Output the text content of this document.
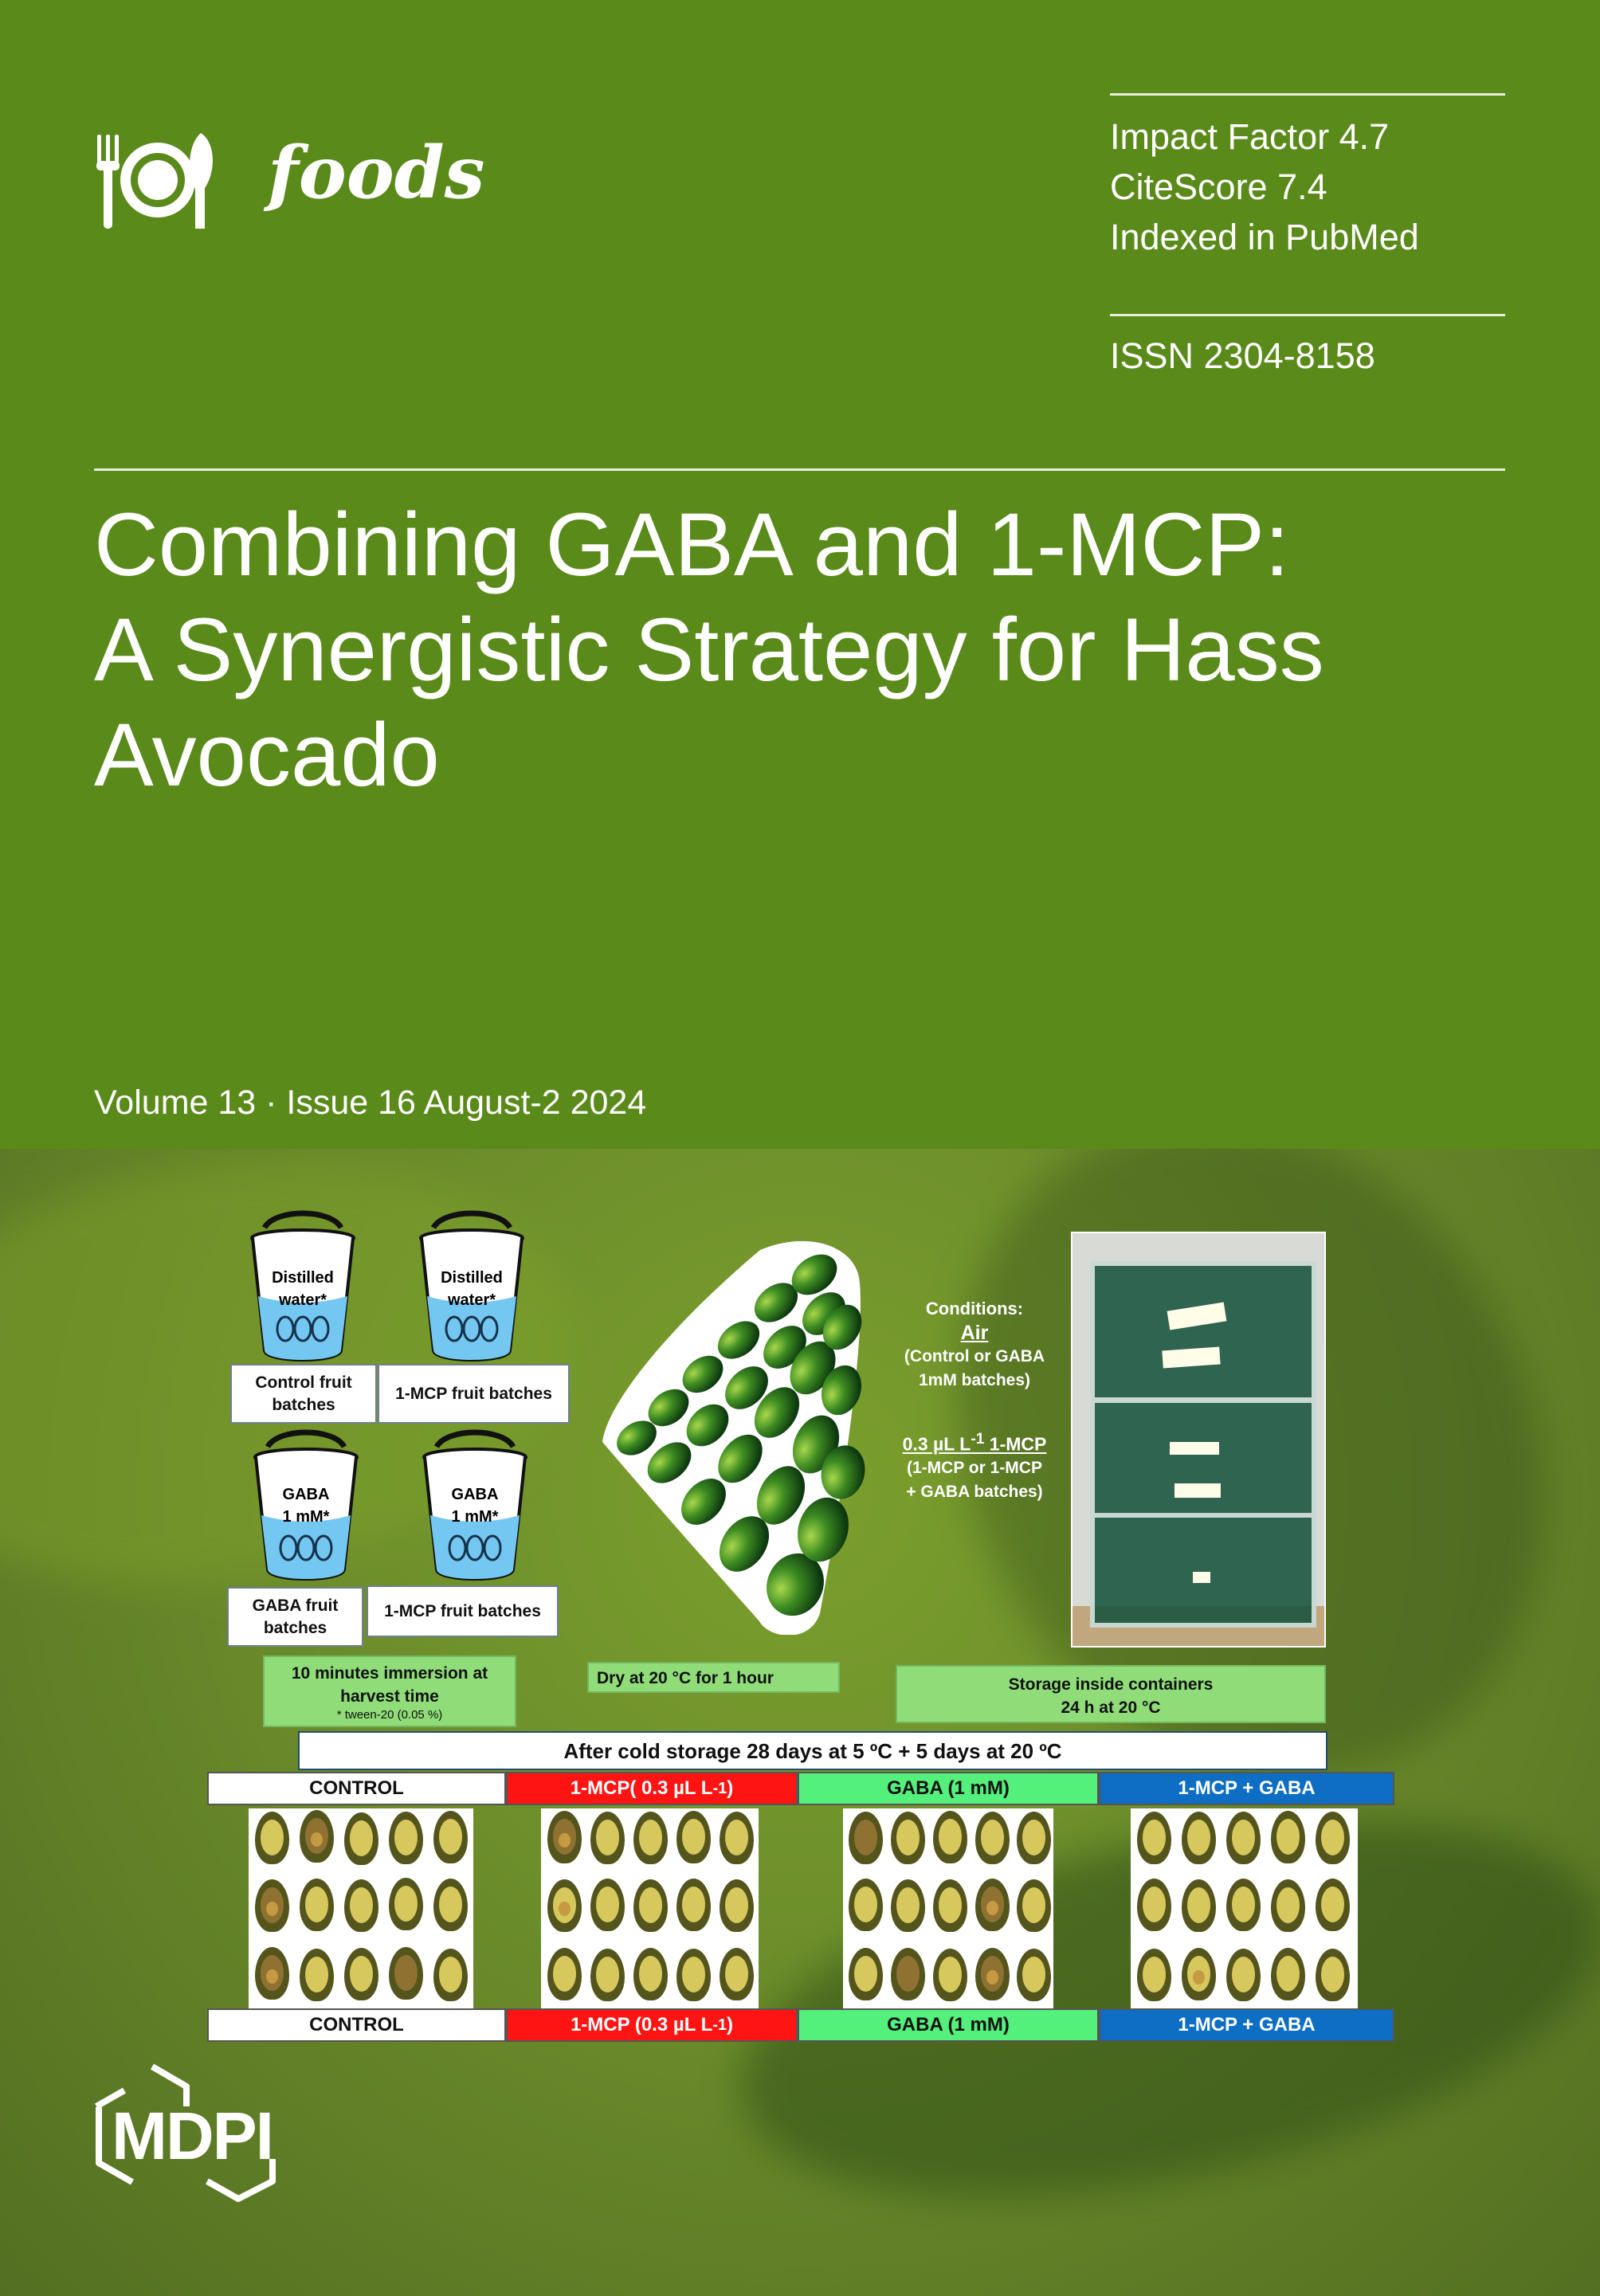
foods	Impact Factor 4.7
CiteScore 7.4
Indexed in PubMed
ISSN 2304-8158
Combining GABA and 1-MCP:
A Synergistic Strategy for Hass
Avocado
Volume 13 · Issue 16 August-2 2024
Distilled
water*
Control fruit
batches
Distilled
water*
1-MCP fruit batches
GABA
1 mM*
GABA fruit
batches
GABA
1 mM*
1-MCP fruit batches
10 minutes immersion at harvest time
* tween-20 (0.05 %)
Dry at 20 °C for 1 hour
Conditions:
Air
(Control or GABA
1mM batches)
0.3 µL $L^{-1}$ 1-MCP
(1-MCP or 1-MCP
+ GABA batches)
Storage inside containers
24 h at 20 °C
After cold storage 28 days at 5 ºC + 5 days at 20 ºC
CONTROL	1-MCP( 0.3 µL L -1 )	GABA (1 mM)	1-MCP + GABA
CONTROL	1-MCP (0.3 µL L -1 )	GABA (1 mM)	1-MCP + GABA
MDPI
